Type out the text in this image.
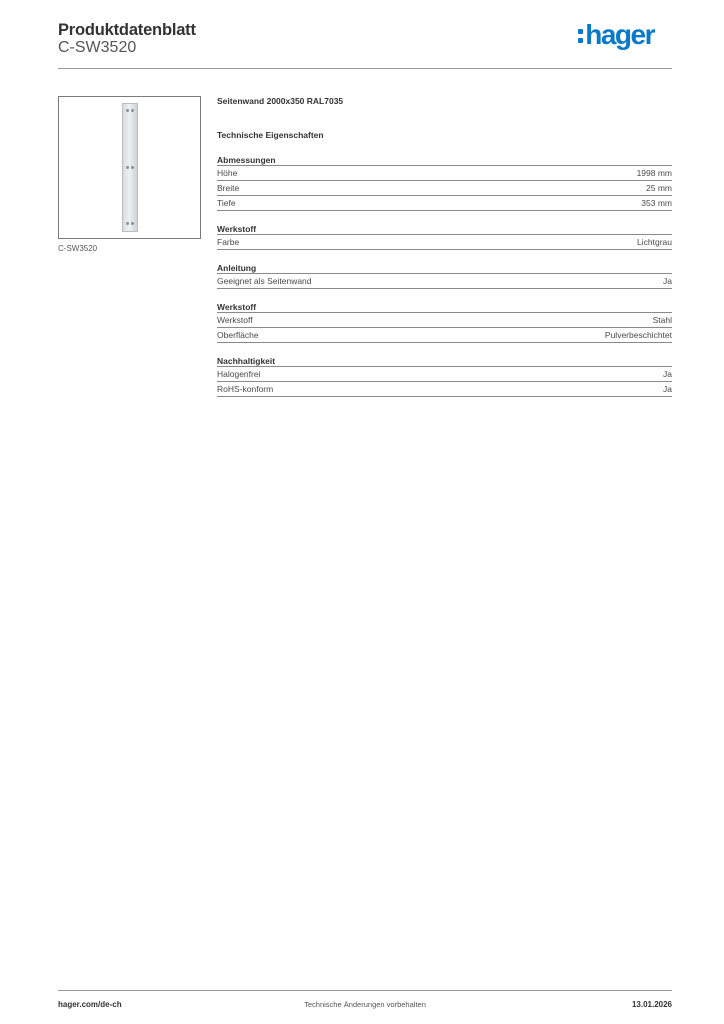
Produktdatenblatt
C-SW3520	hager
C-SW3520
Seitenwand 2000x350 RAL7035
Technische Eigenschaften
Abmessungen
Höhe	1998 mm
Breite	25 mm
Tiefe	353 mm
Werkstoff
Farbe	Lichtgrau
Anleitung
Geeignet als Seitenwand	Ja
Werkstoff
Werkstoff	Stahl
Oberfläche	Pulverbeschichtet
Nachhaltigkeit
Halogenfrei	Ja
RoHS-konform	Ja
hager.com/de-ch	Technische Änderungen vorbehalten	13.01.2026
